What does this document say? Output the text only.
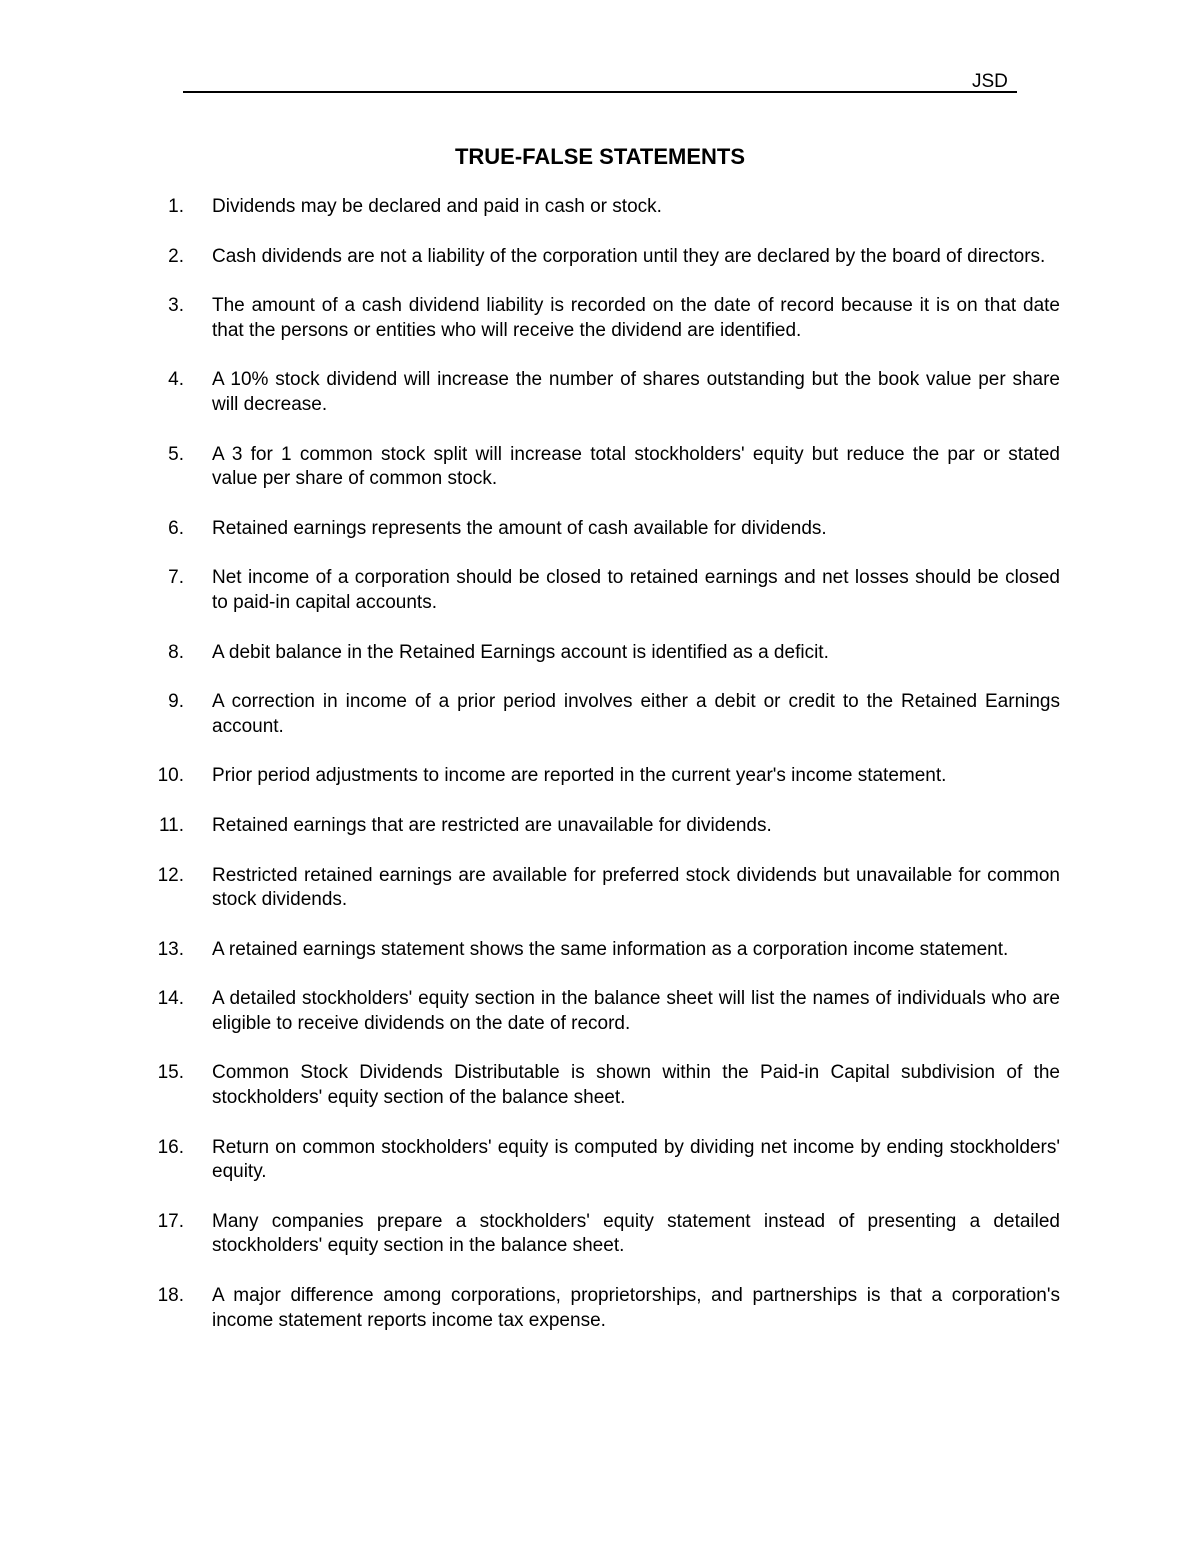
JSD
TRUE-FALSE STATEMENTS
1. Dividends may be declared and paid in cash or stock.
2. Cash dividends are not a liability of the corporation until they are declared by the board of directors.
3. The amount of a cash dividend liability is recorded on the date of record because it is on that date that the persons or entities who will receive the dividend are identified.
4. A 10% stock dividend will increase the number of shares outstanding but the book value per share will decrease.
5. A 3 for 1 common stock split will increase total stockholders' equity but reduce the par or stated value per share of common stock.
6. Retained earnings represents the amount of cash available for dividends.
7. Net income of a corporation should be closed to retained earnings and net losses should be closed to paid-in capital accounts.
8. A debit balance in the Retained Earnings account is identified as a deficit.
9. A correction in income of a prior period involves either a debit or credit to the Retained Earnings account.
10. Prior period adjustments to income are reported in the current year's income statement.
11. Retained earnings that are restricted are unavailable for dividends.
12. Restricted retained earnings are available for preferred stock dividends but unavailable for common stock dividends.
13. A retained earnings statement shows the same information as a corporation income statement.
14. A detailed stockholders' equity section in the balance sheet will list the names of individuals who are eligible to receive dividends on the date of record.
15. Common Stock Dividends Distributable is shown within the Paid-in Capital subdivision of the stockholders' equity section of the balance sheet.
16. Return on common stockholders' equity is computed by dividing net income by ending stockholders' equity.
17. Many companies prepare a stockholders' equity statement instead of presenting a detailed stockholders' equity section in the balance sheet.
18. A major difference among corporations, proprietorships, and partnerships is that a corporation's income statement reports income tax expense.
